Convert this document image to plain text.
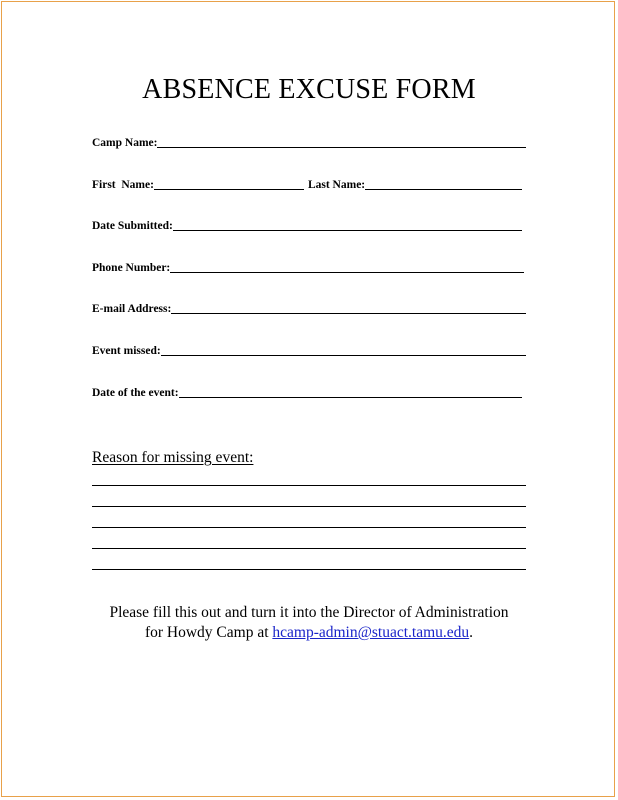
ABSENCE EXCUSE FORM
Camp Name:
First  Name:	Last Name:
Date Submitted:
Phone Number:
E-mail Address:
Event missed:
Date of the event:
Reason for missing event:
Please fill this out and turn it into the Director of Administration
for Howdy Camp at hcamp-admin@stuact.tamu.edu.
